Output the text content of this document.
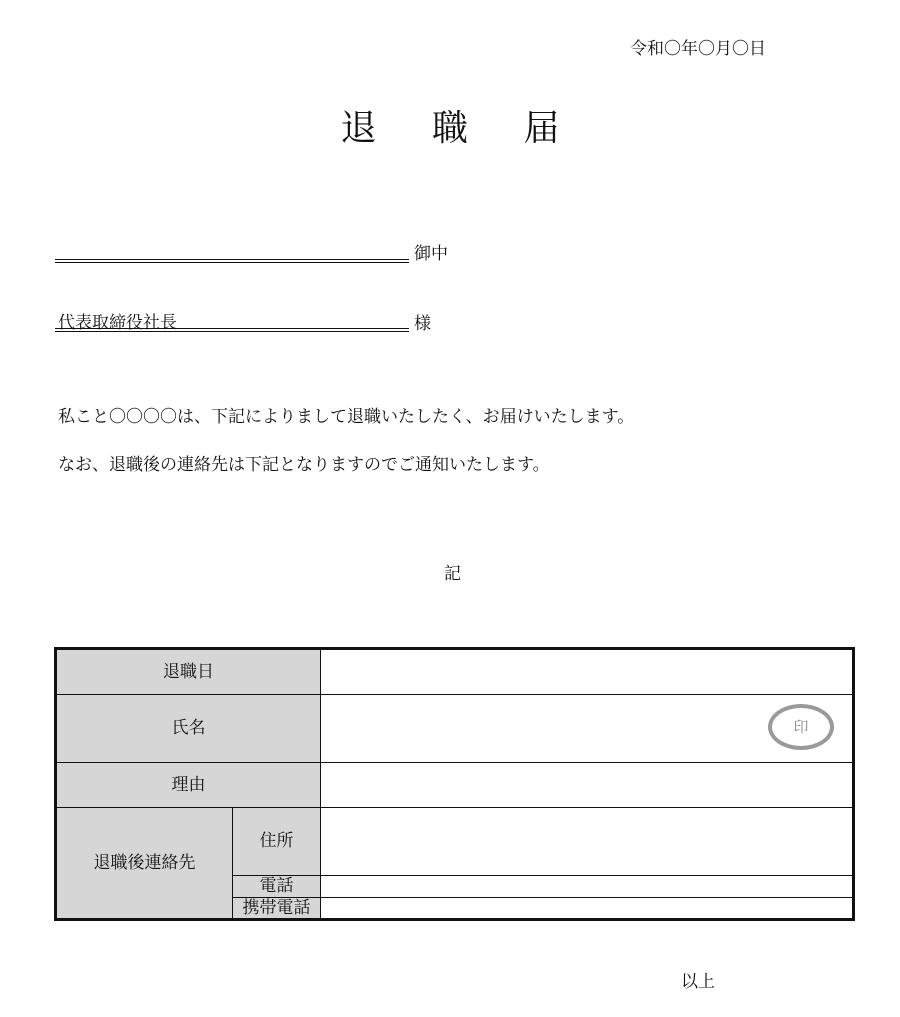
令和〇年〇月〇日
退 職 届
御中
代表取締役社長	様
私こと〇〇〇〇は、下記によりまして退職いたしたく、お届けいたします。
なお、退職後の連絡先は下記となりますのでご通知いたします。
記
退職日		
氏名		印

理由		
退職後連絡先	住所	
	電話	
	携帯電話	
以上
